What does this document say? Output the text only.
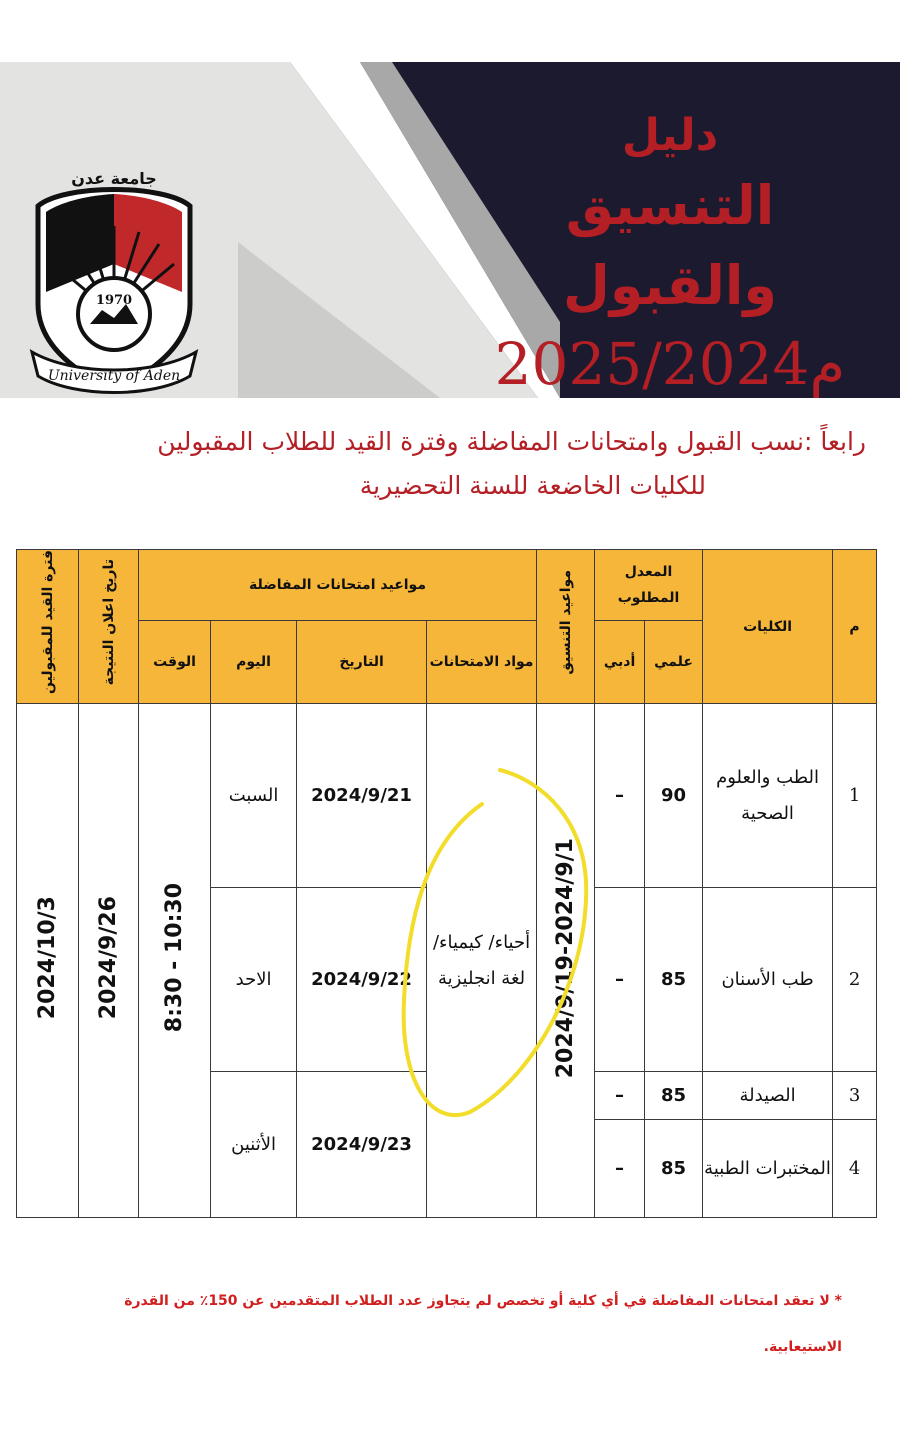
1970
جامعة عدن
University of Aden
دليل
التنسيق والقبول
2025/2024م
رابعاً :نسب القبول وامتحانات المفاضلة وفترة القيد للطلاب المقبولين
للكليات الخاضعة للسنة التحضيرية
م	الكليات	المعدل المطلوب		مواعيد التنسيق	مواعيد امتحانات المفاضلة				تاريخ اعلان النتيجة	فترة القيد للمقبولين
		علمي	أدبي		مواد الامتحانات	التاريخ	اليوم	الوقت		
1	الطب والعلوم الصحية	90	–	2024/9/19-2024/9/1	أحياء/ كيمياء/ لغة انجليزية	2024/9/21	السبت	10:30 - 8:30	2024/9/26	2024/10/3
2	طب الأسنان	85	–			2024/9/22	الاحد			
3	الصيدلة	85	–			2024/9/23	الأثنين			
4	المختبرات الطبية	85	–							
* لا تعقد امتحانات المفاضلة في أي كلية أو تخصص لم يتجاوز عدد الطلاب المتقدمين عن 150٪ من القدرة الاستيعابية.
